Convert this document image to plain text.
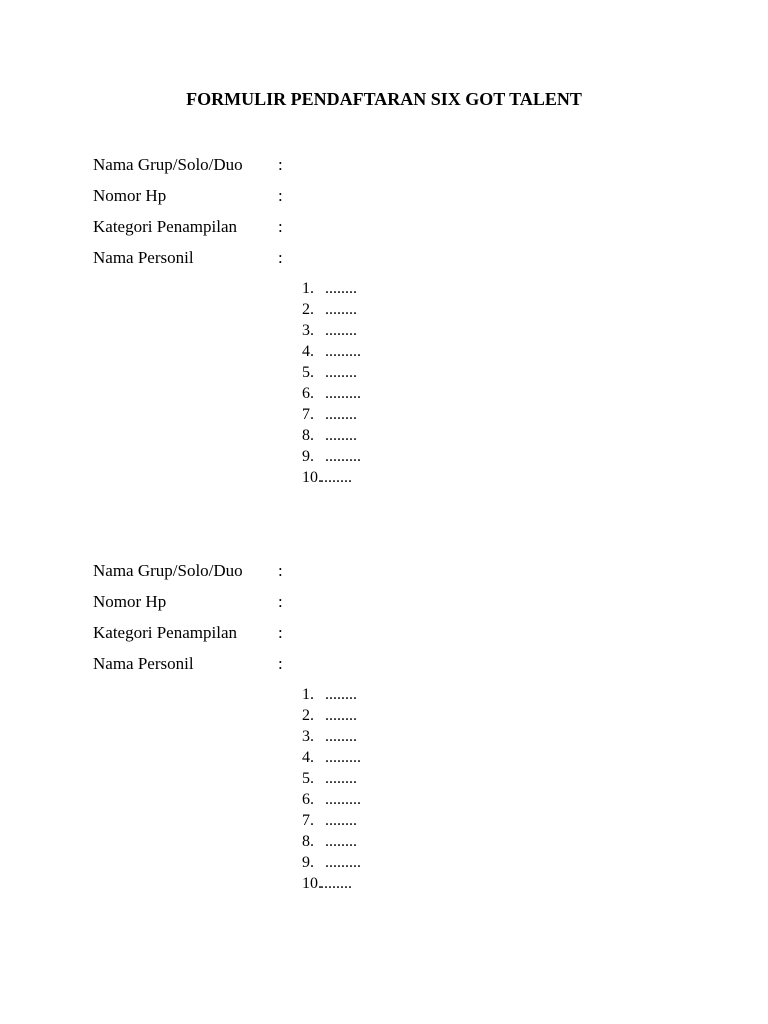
FORMULIR PENDAFTARAN SIX GOT TALENT
Nama Grup/Solo/Duo :
Nomor Hp	:
Kategori Penampilan :
Nama Personil	:
1. ........
2. ........
3. ........
4. .........
5. ........
6. .........
7. ........
8. ........
9. .........
10.
........
Nama Grup/Solo/Duo :
Nomor Hp	:
Kategori Penampilan :
Nama Personil	:
1. ........
2. ........
3. ........
4. .........
5. ........
6. .........
7. ........
8. ........
9. .........
10.
........
